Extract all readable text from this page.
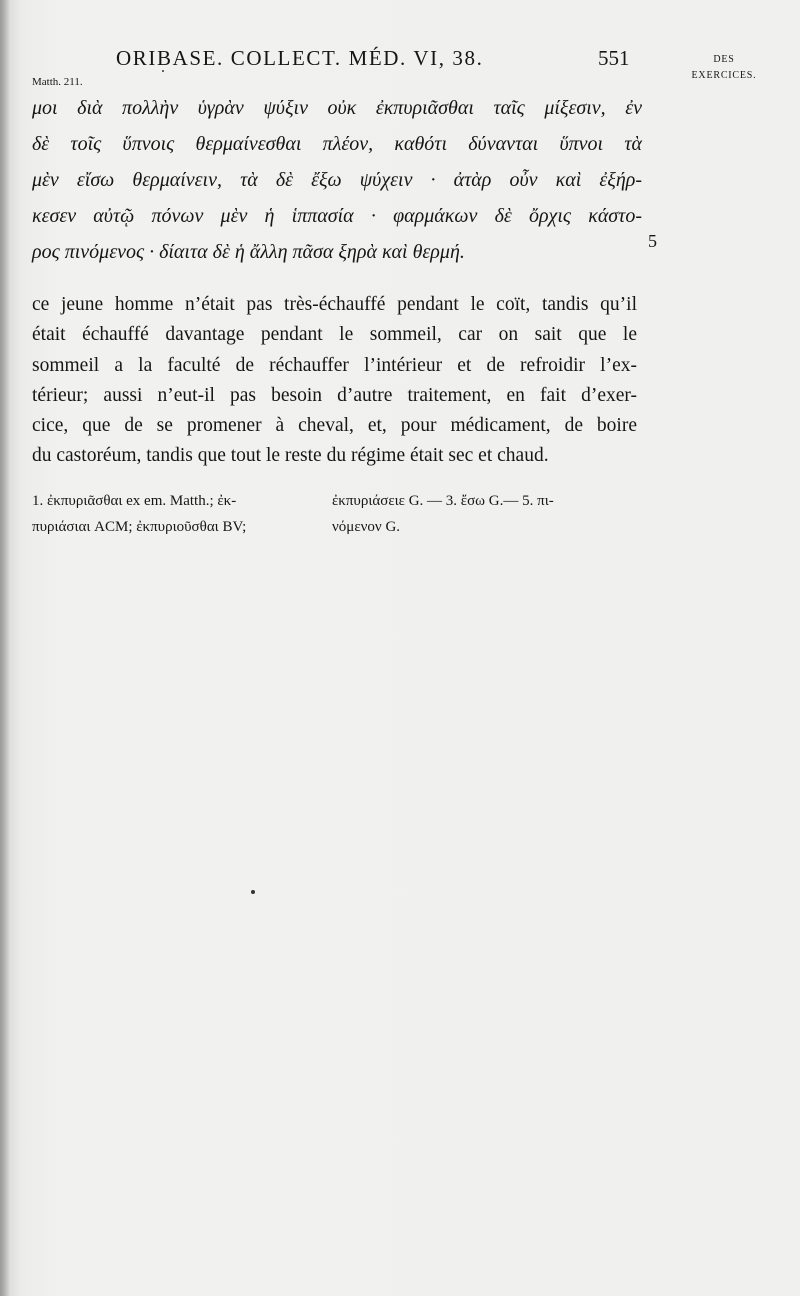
ORIBASE. COLLECT. MÉD. VI, 38.	551	DES
EXERCICES.
Matth. 211.
μοι διὰ πολλὴν ὑγρὰν ψύξιν οὐκ ἐκπυριᾶσθαι ταῖς μίξεσιν, ἐν
δὲ τοῖς ὕπνοις θερμαίνεσθαι πλέον, καθότι δύνανται ὕπνοι τὰ
μὲν εἴσω θερμαίνειν, τὰ δὲ ἔξω ψύχειν · ἀτὰρ οὖν καὶ ἐξήρ-
κεσεν αὐτῷ πόνων μὲν ἡ ἱππασία · φαρμάκων δὲ ὄρχις κάστο-
ρος πινόμενος · δίαιτα δὲ ἡ ἄλλη πᾶσα ξηρὰ καὶ θερμή.	5
ce jeune homme n’était pas très-échauffé pendant le coït, tandis qu’il
était échauffé davantage pendant le sommeil, car on sait que le
sommeil a la faculté de réchauffer l’intérieur et de refroidir l’ex-
térieur; aussi n’eut-il pas besoin d’autre traitement, en fait d’exer-
cice, que de se promener à cheval, et, pour médicament, de boire
du castoréum, tandis que tout le reste du régime était sec et chaud.
1. ἐκπυριᾶσθαι ex em. Matth.; ἐκ-
πυριάσιαι ACM; ἐκπυριοῦσθαι BV;
ἐκπυριάσειε G. — 3. ἔσω G.— 5. πι-
νόμενον G.
